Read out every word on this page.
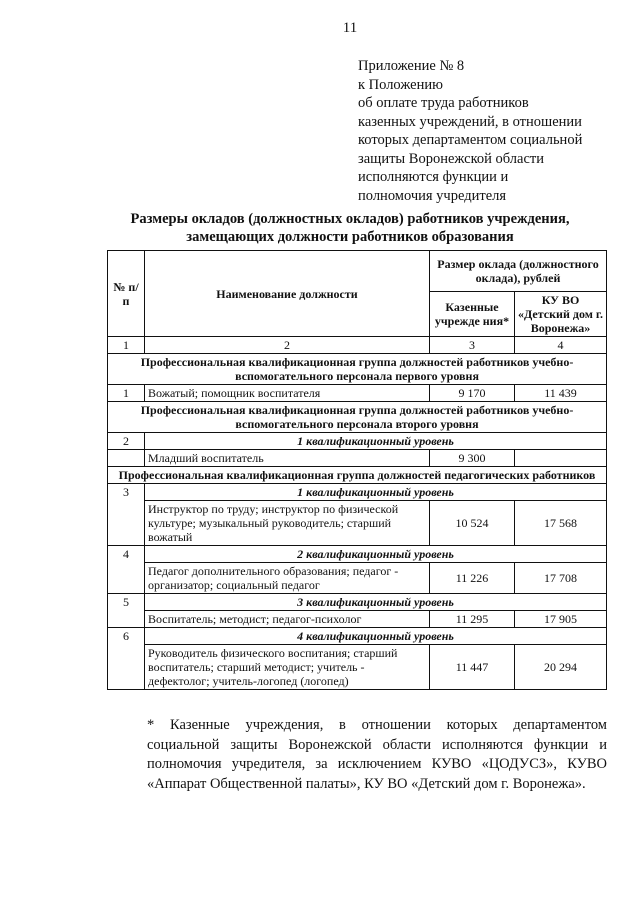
11
Приложение № 8
к Положению
об оплате труда работников
казенных учреждений, в отношении
которых департаментом социальной
защиты Воронежской области
исполняются функции и
полномочия учредителя
Размеры окладов (должностных окладов) работников учреждения,
замещающих должности работников образования
№ п/п	Наименование должности	Размер оклада (должностного оклада), рублей	
		Казенные учрежде ния*	КУ ВО «Детский дом г. Воронежа»
1	2	3	4
Профессиональная квалификационная группа должностей работников учебно-вспомогательного персонала первого уровня			
1	Вожатый; помощник воспитателя	9 170	11 439
Профессиональная квалификационная группа должностей работников учебно-вспомогательного персонала второго уровня			
2	1 квалификационный уровень		
	Младший воспитатель	9 300	
Профессиональная квалификационная группа должностей педагогических работников			
3	1 квалификационный уровень		
	Инструктор по труду; инструктор по физической культуре; музыкальный руководитель; старший вожатый	10 524	17 568
4	2 квалификационный уровень		
	Педагог дополнительного образования; педагог - организатор; социальный педагог	11 226	17 708
5	3 квалификационный уровень		
	Воспитатель; методист; педагог-психолог	11 295	17 905
6	4 квалификационный уровень		
	Руководитель физического воспитания; старший воспитатель; старший методист; учитель - дефектолог; учитель-логопед (логопед)	11 447	20 294
* Казенные учреждения, в отношении которых департаментом социальной защиты Воронежской области исполняются функции и полномочия учредителя, за исключением КУВО «ЦОДУСЗ», КУВО «Аппарат Общественной палаты», КУ ВО «Детский дом г. Воронежа».
